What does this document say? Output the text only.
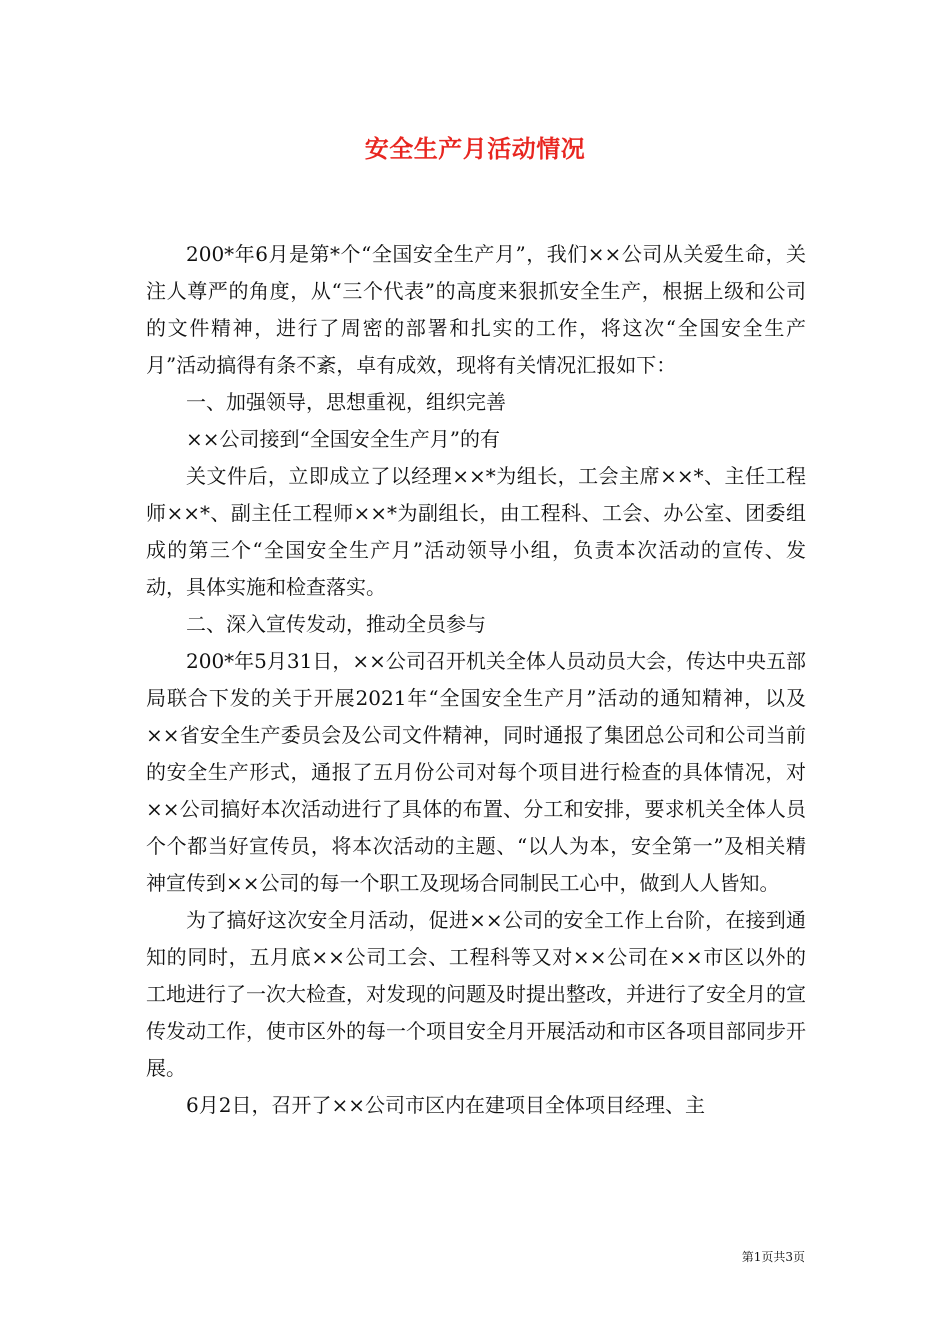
安全生产月活动情况

200*年6月是第*个“全国安全生产月”，我们××公司从关爱生命，关注人尊严的角度，从“三个代表”的高度来狠抓安全生产，根据上级和公司的文件精神，进行了周密的部署和扎实的工作，将这次“全国安全生产月”活动搞得有条不紊，卓有成效，现将有关情况汇报如下：

一、加强领导，思想重视，组织完善

××公司接到“全国安全生产月”的有

关文件后，立即成立了以经理××*为组长，工会主席××*、主任工程师××*、副主任工程师××*为副组长，由工程科、工会、办公室、团委组成的第三个“全国安全生产月”活动领导小组，负责本次活动的宣传、发动，具体实施和检查落实。

二、深入宣传发动，推动全员参与

200*年5月31日，××公司召开机关全体人员动员大会，传达中央五部局联合下发的关于开展2021年“全国安全生产月”活动的通知精神，以及××省安全生产委员会及公司文件精神，同时通报了集团总公司和公司当前的安全生产形式，通报了五月份公司对每个项目进行检查的具体情况，对××公司搞好本次活动进行了具体的布置、分工和安排，要求机关全体人员个个都当好宣传员，将本次活动的主题、“以人为本，安全第一”及相关精神宣传到××公司的每一个职工及现场合同制民工心中，做到人人皆知。

为了搞好这次安全月活动，促进××公司的安全工作上台阶，在接到通知的同时，五月底××公司工会、工程科等又对××公司在××市区以外的工地进行了一次大检查，对发现的问题及时提出整改，并进行了安全月的宣传发动工作，使市区外的每一个项目安全月开展活动和市区各项目部同步开展。

6月2日，召开了××公司市区内在建项目全体项目经理、主

第1页共3页
